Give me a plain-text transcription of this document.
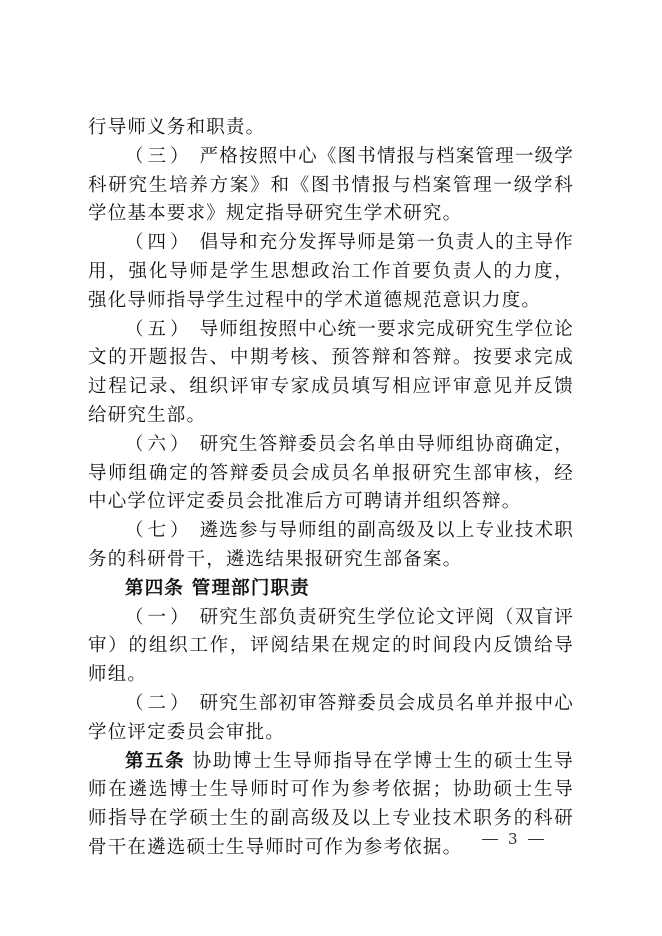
行导师义务和职责。

（三） 严格按照中心《图书情报与档案管理一级学科研究生培养方案》和《图书情报与档案管理一级学科学位基本要求》规定指导研究生学术研究。

（四） 倡导和充分发挥导师是第一负责人的主导作用，强化导师是学生思想政治工作首要负责人的力度，强化导师指导学生过程中的学术道德规范意识力度。

（五） 导师组按照中心统一要求完成研究生学位论文的开题报告、中期考核、预答辩和答辩。按要求完成过程记录、组织评审专家成员填写相应评审意见并反馈给研究生部。

（六） 研究生答辩委员会名单由导师组协商确定，导师组确定的答辩委员会成员名单报研究生部审核，经中心学位评定委员会批准后方可聘请并组织答辩。

（七） 遴选参与导师组的副高级及以上专业技术职务的科研骨干，遴选结果报研究生部备案。

第四条 管理部门职责

（一） 研究生部负责研究生学位论文评阅（双盲评审）的组织工作，评阅结果在规定的时间段内反馈给导师组。

（二） 研究生部初审答辩委员会成员名单并报中心学位评定委员会审批。

第五条 协助博士生导师指导在学博士生的硕士生导师在遴选博士生导师时可作为参考依据；协助硕士生导师指导在学硕士生的副高级及以上专业技术职务的科研骨干在遴选硕士生导师时可作为参考依据。	3
